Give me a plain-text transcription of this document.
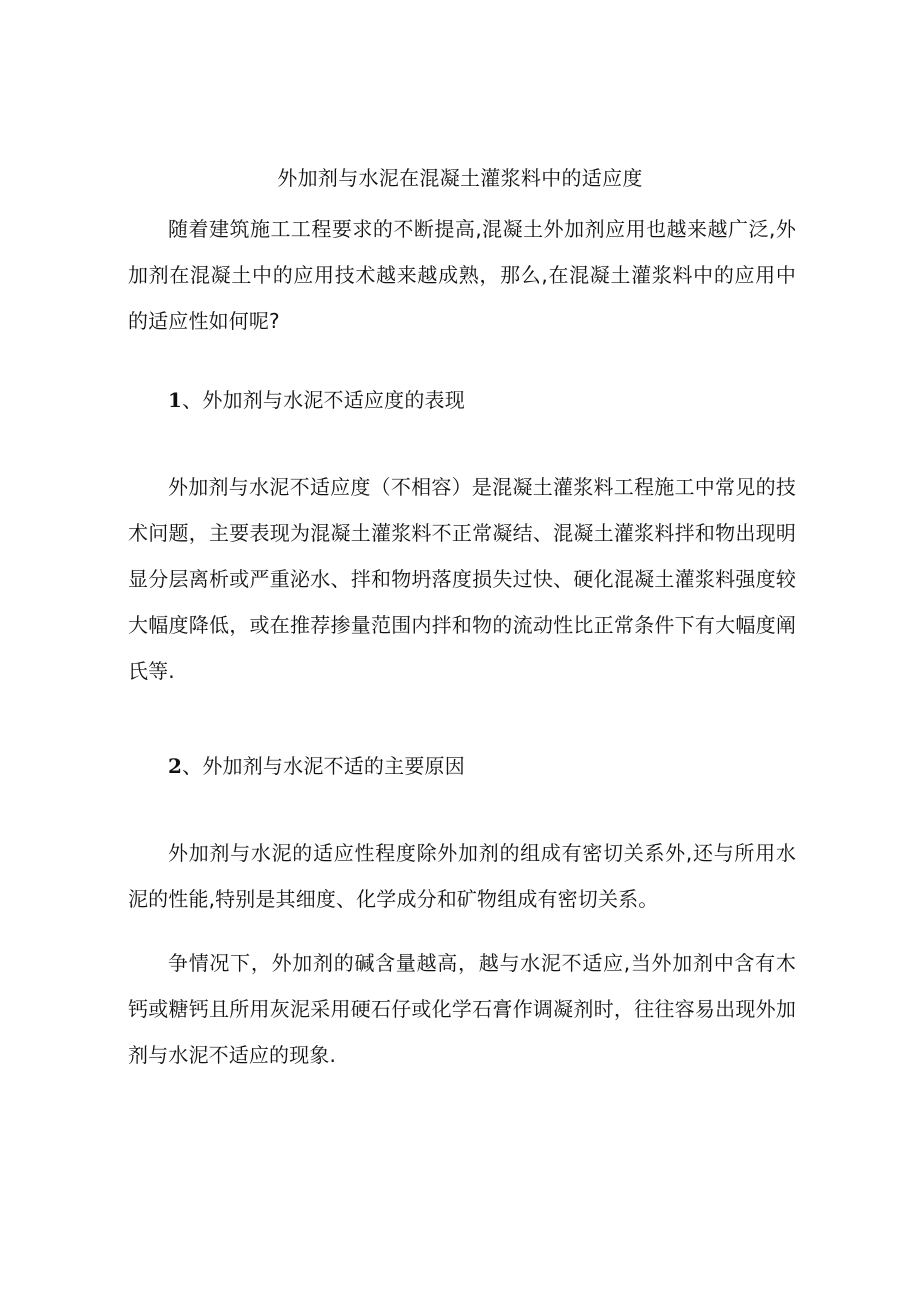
外加剂与水泥在混凝土灌浆料中的适应度

随着建筑施工工程要求的不断提高,混凝土外加剂应用也越来越广泛,外加剂在混凝土中的应用技术越来越成熟，那么,在混凝土灌浆料中的应用中的适应性如何呢?

1、外加剂与水泥不适应度的表现

外加剂与水泥不适应度（不相容）是混凝土灌浆料工程施工中常见的技术问题，主要表现为混凝土灌浆料不正常凝结、混凝土灌浆料拌和物出现明显分层离析或严重泌水、拌和物坍落度损失过快、硬化混凝土灌浆料强度较大幅度降低，或在推荐掺量范围内拌和物的流动性比正常条件下有大幅度阐氏等.

2、外加剂与水泥不适的主要原因

外加剂与水泥的适应性程度除外加剂的组成有密切关系外,还与所用水泥的性能,特别是其细度、化学成分和矿物组成有密切关系。

争情况下，外加剂的碱含量越高，越与水泥不适应,当外加剂中含有木钙或糖钙且所用灰泥采用硬石仔或化学石膏作调凝剂时，往往容易出现外加剂与水泥不适应的现象.
